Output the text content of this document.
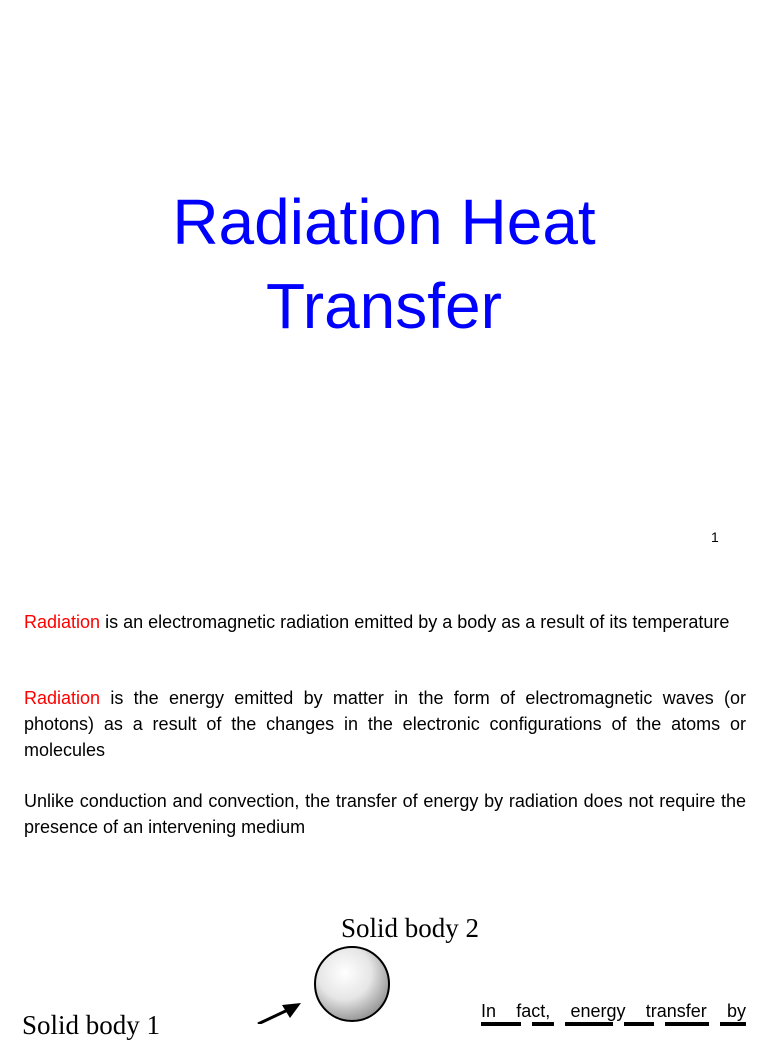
Radiation Heat
Transfer
1

Radiation is an electromagnetic radiation emitted by a body as a result of its temperature

Radiation is the energy emitted by matter in the form of electromagnetic waves (or photons) as a result of the changes in the electronic configurations of the atoms or molecules

Unlike conduction and convection, the transfer of energy by radiation does not require the presence of an intervening medium

Solid body 2
Solid body 1	In fact, energy transfer by
